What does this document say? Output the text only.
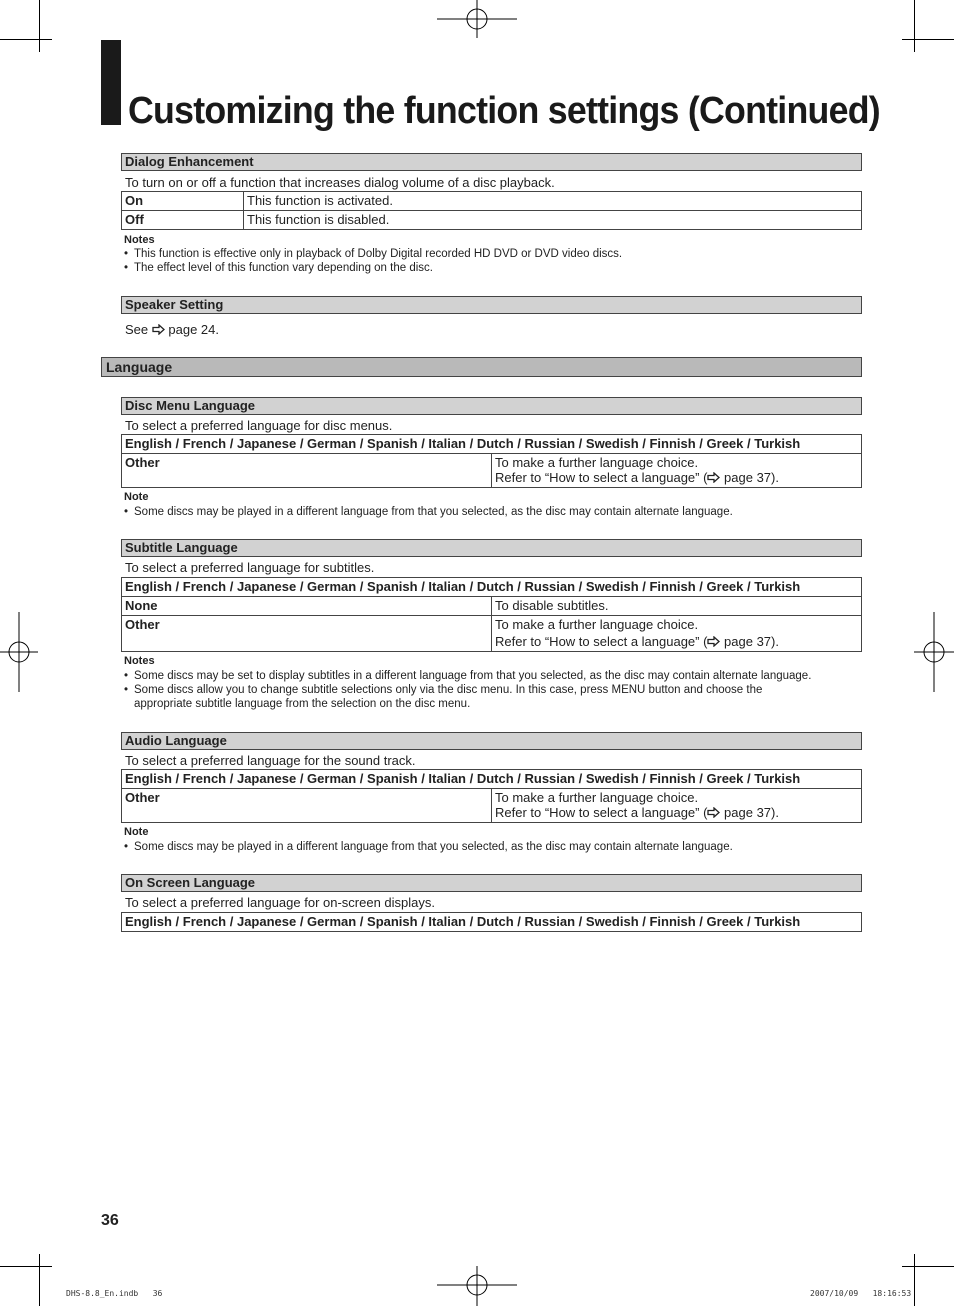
Customizing the function settings (Continued)
Dialog Enhancement
To turn on or off a function that increases dialog volume of a disc playback.
On	This function is activated.
Off	This function is disabled.
Notes
• This function is effective only in playback of Dolby Digital recorded HD DVD or DVD video discs.
• The effect level of this function vary depending on the disc.
Speaker Setting
See page 24.
Language
Disc Menu Language
To select a preferred language for disc menus.
English / French / Japanese / German / Spanish / Italian / Dutch / Russian / Swedish / Finnish / Greek / Turkish
Other	To make a further language choice.
Refer to “How to select a language” ( page 37).
Note
• Some discs may be played in a different language from that you selected, as the disc may contain alternate language.
Subtitle Language
To select a preferred language for subtitles.
English / French / Japanese / German / Spanish / Italian / Dutch / Russian / Swedish / Finnish / Greek / Turkish	
None	To disable subtitles.
Other	To make a further language choice.
Refer to “How to select a language” ( page 37).
Notes
• Some discs may be set to display subtitles in a different language from that you selected, as the disc may contain alternate language.
• Some discs allow you to change subtitle selections only via the disc menu. In this case, press MENU button and choose the
appropriate subtitle language from the selection on the disc menu.
Audio Language
To select a preferred language for the sound track.
English / French / Japanese / German / Spanish / Italian / Dutch / Russian / Swedish / Finnish / Greek / Turkish
Other	To make a further language choice.
Refer to “How to select a language” ( page 37).
Note
• Some discs may be played in a different language from that you selected, as the disc may contain alternate language.
On Screen Language
To select a preferred language for on-screen displays.
English / French / Japanese / German / Spanish / Italian / Dutch / Russian / Swedish / Finnish / Greek / Turkish
36
DHS-8.8_En.indb   36	2007/10/09   18:16:53
